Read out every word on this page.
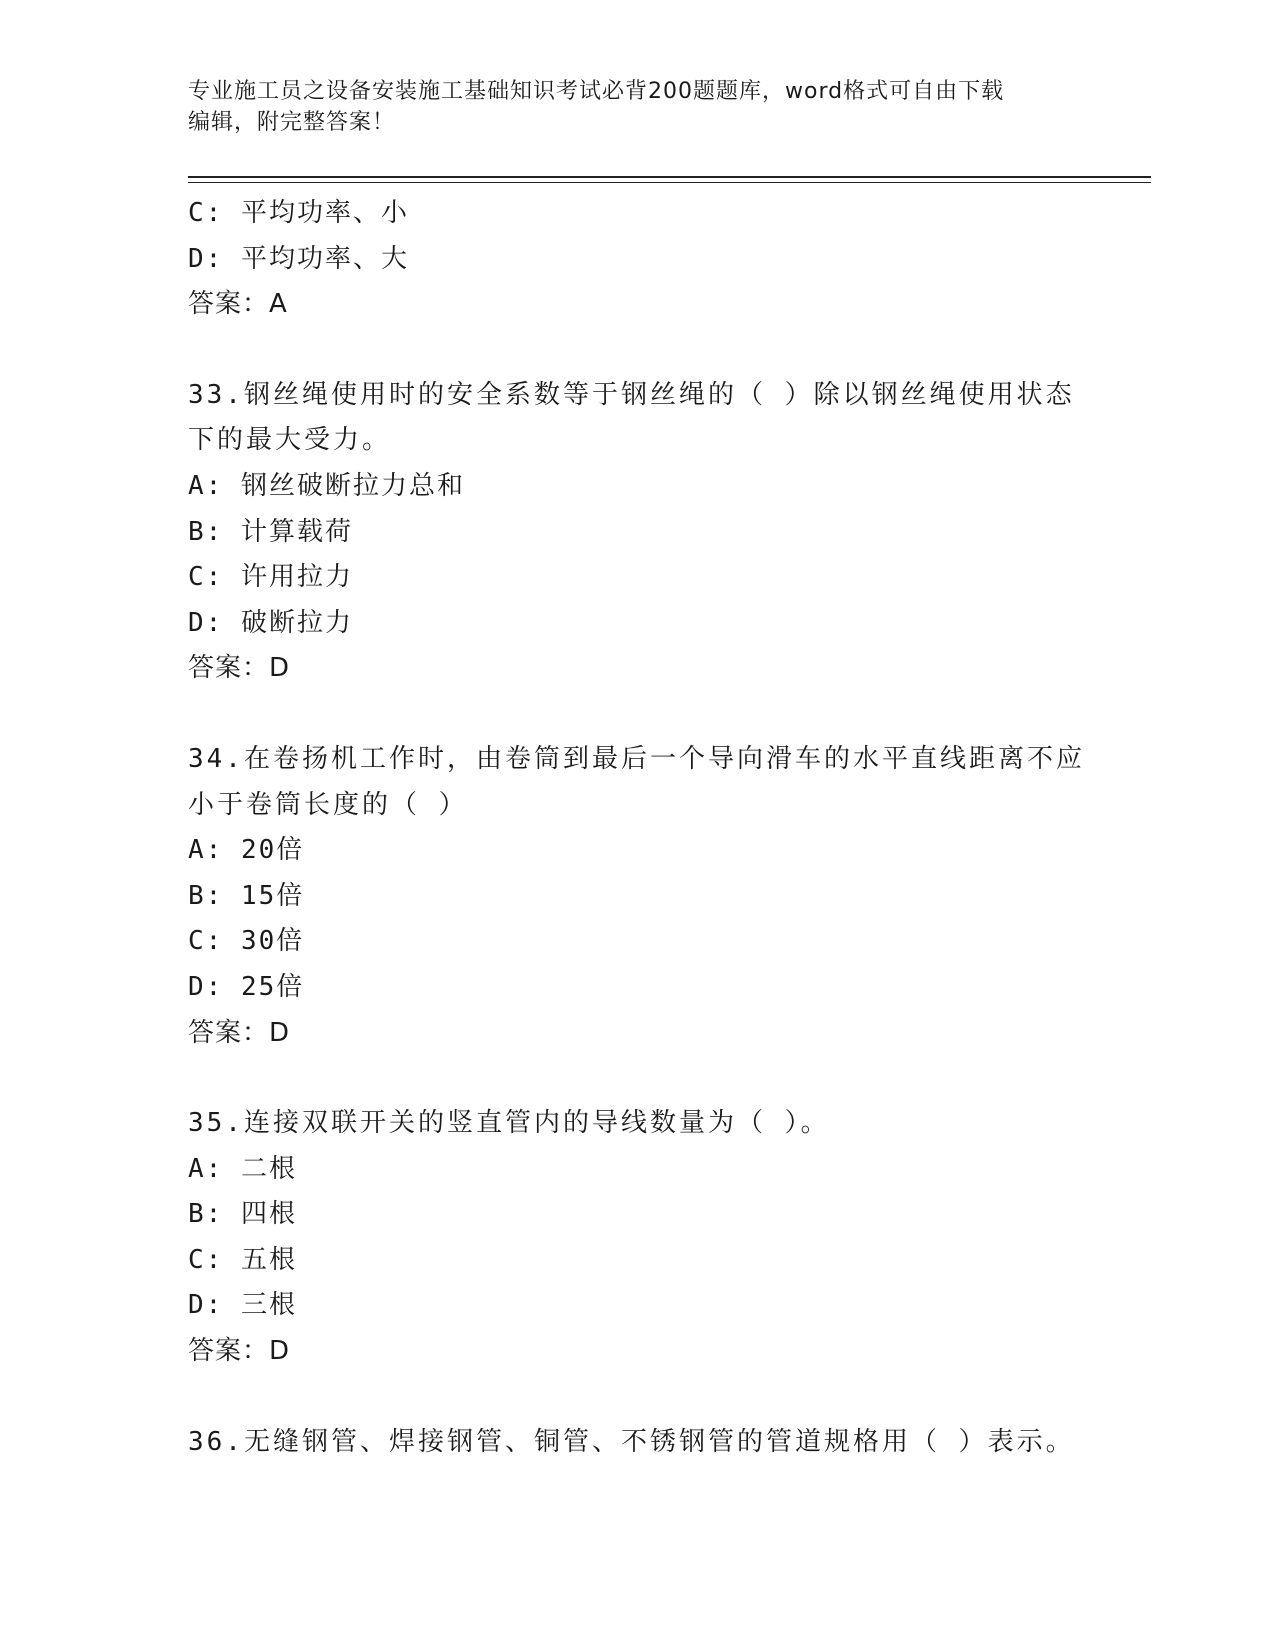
专业施工员之设备安装施工基础知识考试必背200题题库，word格式可自由下载
编辑，附完整答案！
C: 平均功率、小
D: 平均功率、大
答案：A
33.钢丝绳使用时的安全系数等于钢丝绳的（ ）除以钢丝绳使用状态
下的最大受力。
A: 钢丝破断拉力总和
B: 计算载荷
C: 许用拉力
D: 破断拉力
答案：D
34.在卷扬机工作时，由卷筒到最后一个导向滑车的水平直线距离不应
小于卷筒长度的（ ）
A: 20倍
B: 15倍
C: 30倍
D: 25倍
答案：D
35.连接双联开关的竖直管内的导线数量为（ ）。
A: 二根
B: 四根
C: 五根
D: 三根
答案：D
36.无缝钢管、焊接钢管、铜管、不锈钢管的管道规格用（ ）表示。
